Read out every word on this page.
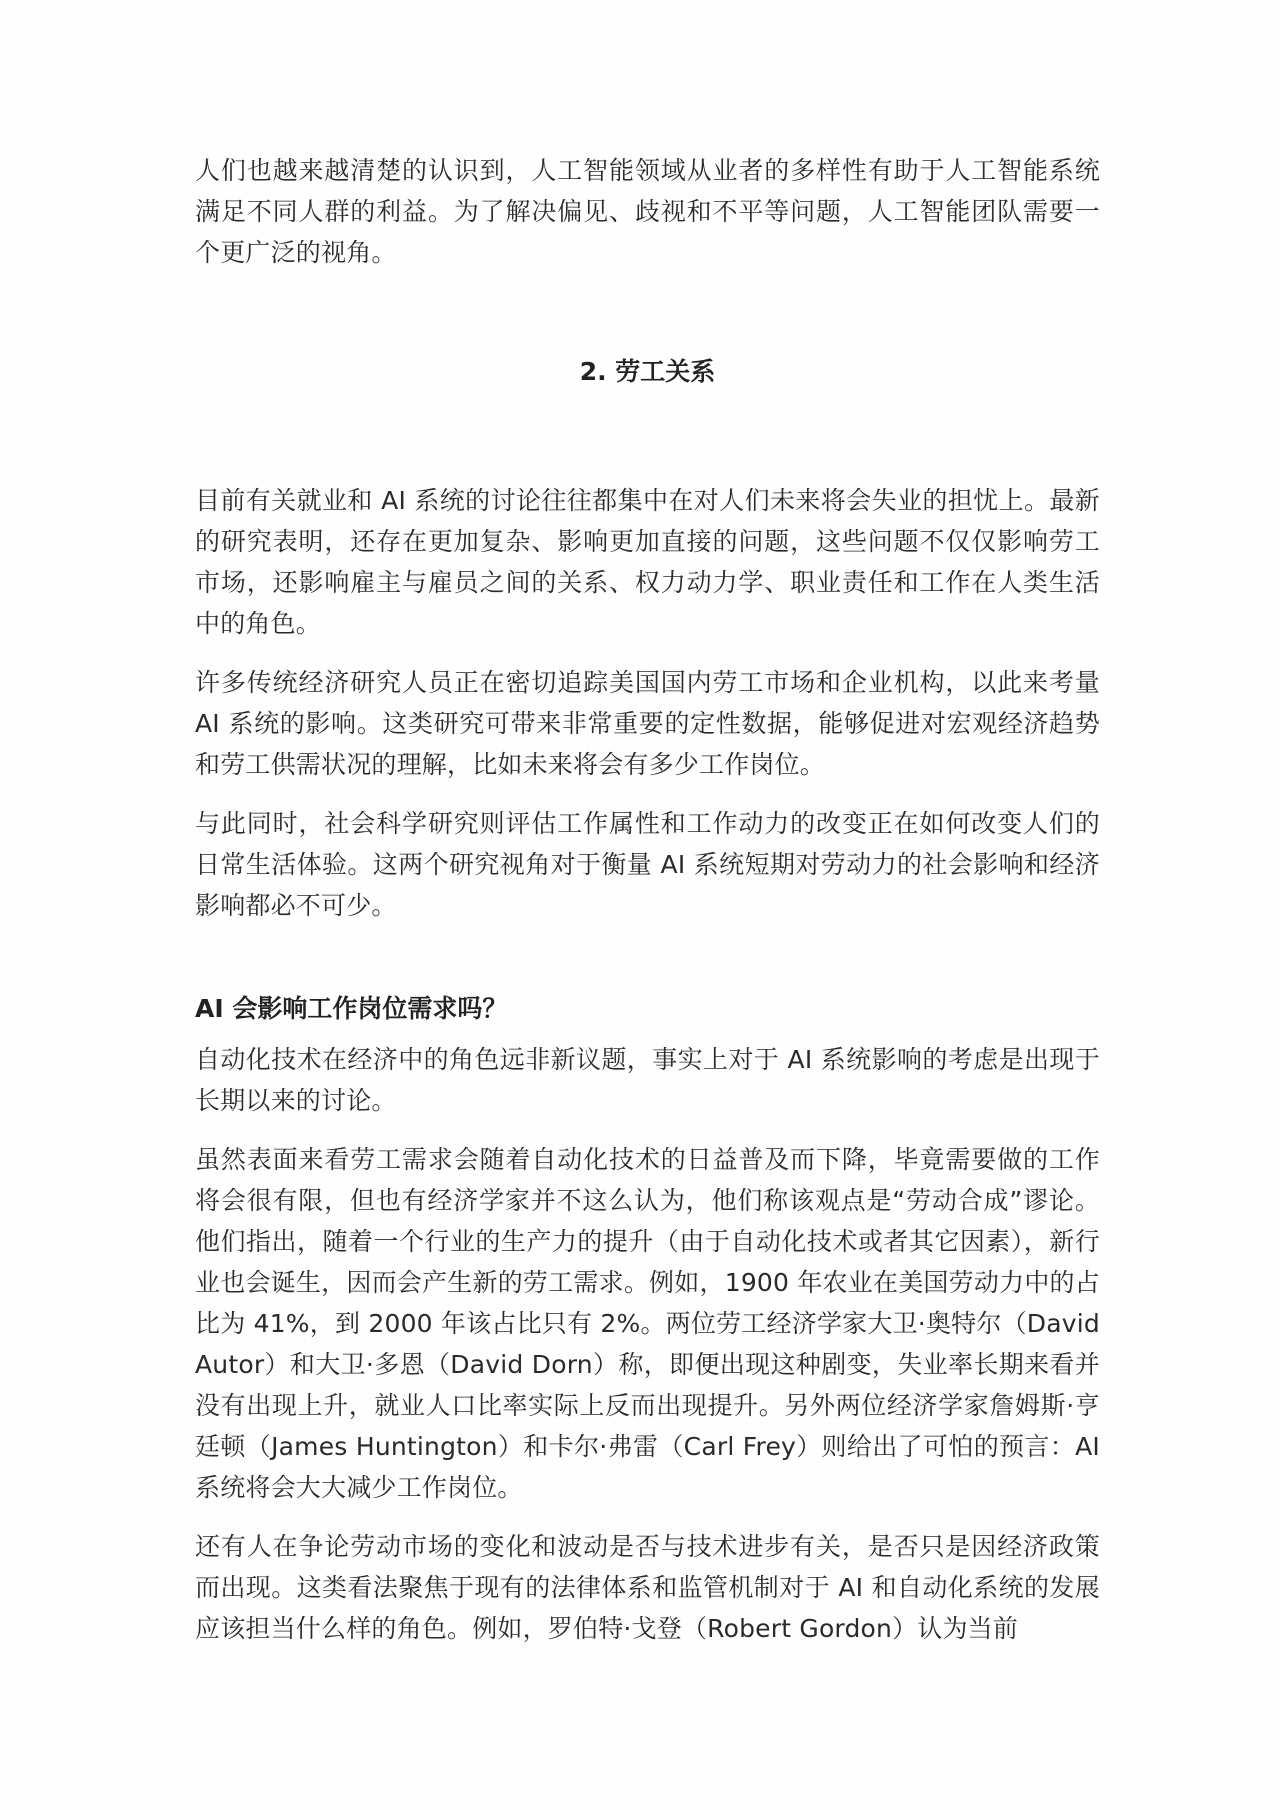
人们也越来越清楚的认识到，人工智能领域从业者的多样性有助于人工智能系统满足不同人群的利益。为了解决偏见、歧视和不平等问题，人工智能团队需要一个更广泛的视角。

2. 劳工关系

目前有关就业和 AI 系统的讨论往往都集中在对人们未来将会失业的担忧上。最新的研究表明，还存在更加复杂、影响更加直接的问题，这些问题不仅仅影响劳工市场，还影响雇主与雇员之间的关系、权力动力学、职业责任和工作在人类生活中的角色。

许多传统经济研究人员正在密切追踪美国国内劳工市场和企业机构，以此来考量 AI 系统的影响。这类研究可带来非常重要的定性数据，能够促进对宏观经济趋势和劳工供需状况的理解，比如未来将会有多少工作岗位。

与此同时，社会科学研究则评估工作属性和工作动力的改变正在如何改变人们的日常生活体验。这两个研究视角对于衡量 AI 系统短期对劳动力的社会影响和经济影响都必不可少。

AI 会影响工作岗位需求吗？

自动化技术在经济中的角色远非新议题，事实上对于 AI 系统影响的考虑是出现于长期以来的讨论。

虽然表面来看劳工需求会随着自动化技术的日益普及而下降，毕竟需要做的工作将会很有限，但也有经济学家并不这么认为，他们称该观点是“劳动合成”谬论。他们指出，随着一个行业的生产力的提升（由于自动化技术或者其它因素），新行业也会诞生，因而会产生新的劳工需求。例如，1900 年农业在美国劳动力中的占比为 41%，到 2000 年该占比只有 2%。两位劳工经济学家大卫·奥特尔（David Autor）和大卫·多恩（David Dorn）称，即便出现这种剧变，失业率长期来看并没有出现上升，就业人口比率实际上反而出现提升。另外两位经济学家詹姆斯·亨廷顿（James Huntington）和卡尔·弗雷（Carl Frey）则给出了可怕的预言：AI 系统将会大大减少工作岗位。

还有人在争论劳动市场的变化和波动是否与技术进步有关，是否只是因经济政策而出现。这类看法聚焦于现有的法律体系和监管机制对于 AI 和自动化系统的发展应该担当什么样的角色。例如，罗伯特·戈登（Robert Gordon）认为当前
